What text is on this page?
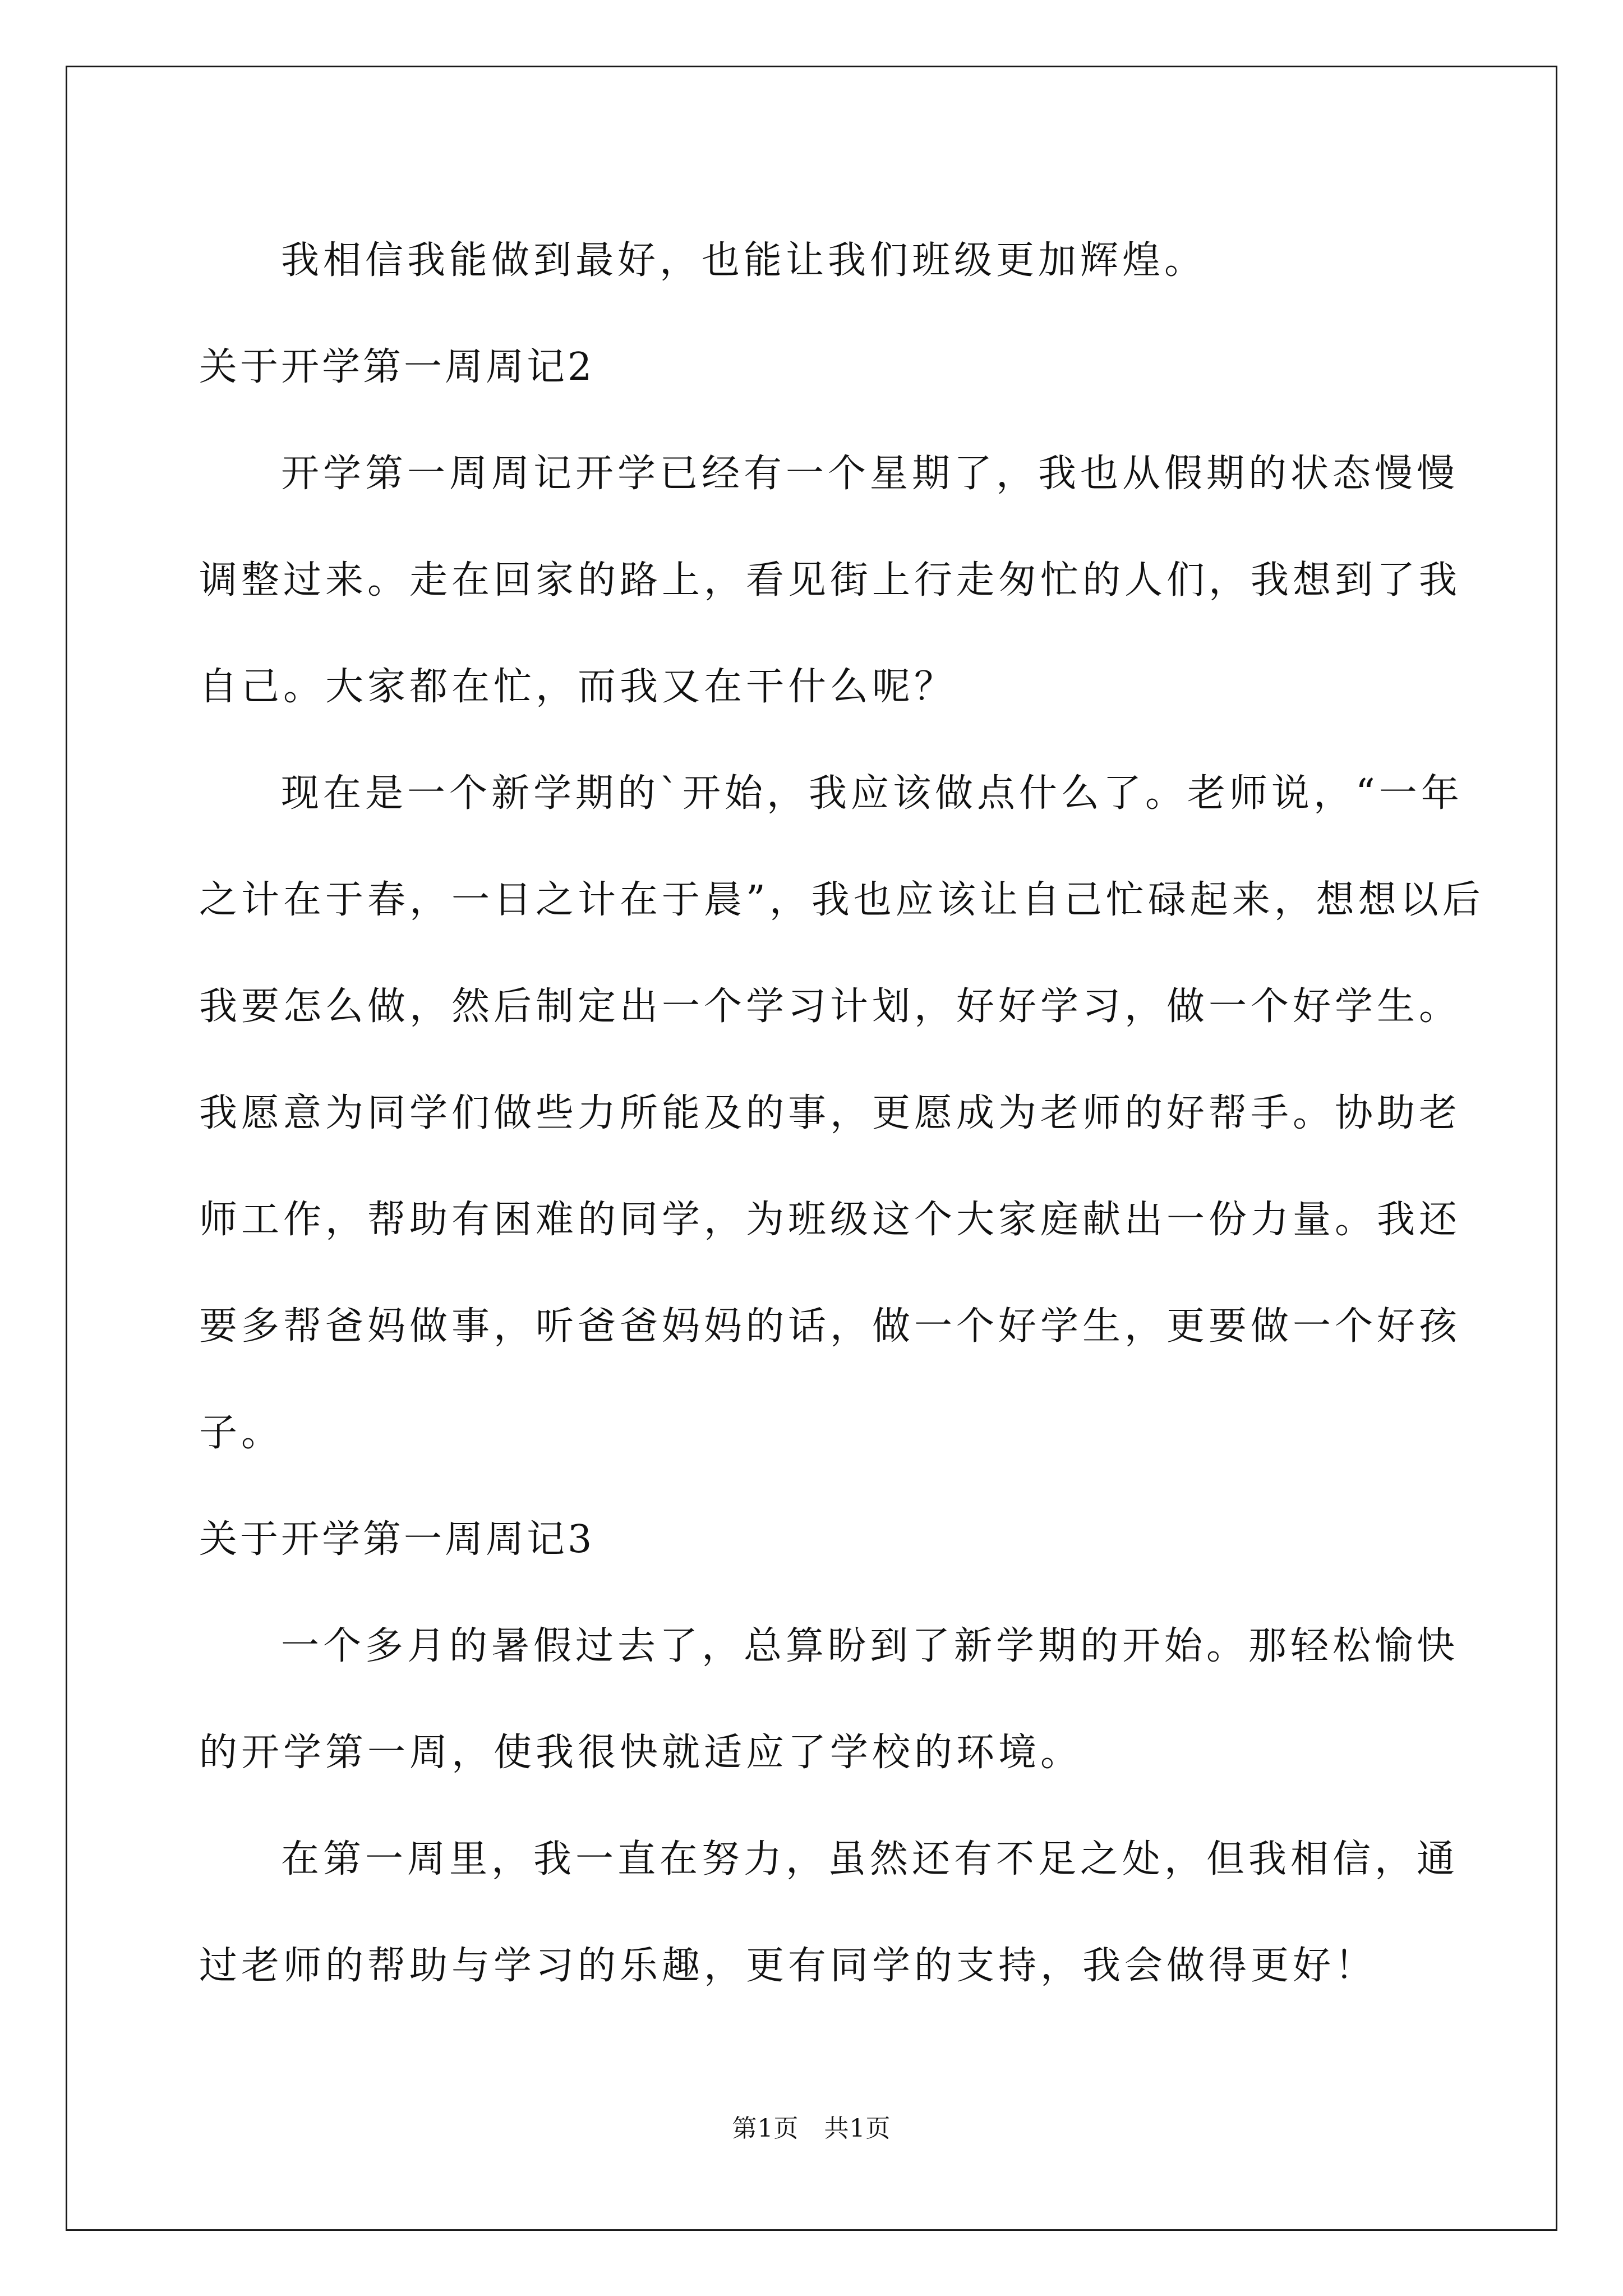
我相信我能做到最好，也能让我们班级更加辉煌。
关于开学第一周周记2
开学第一周周记开学已经有一个星期了，我也从假期的状态慢慢
调整过来。走在回家的路上，看见街上行走匆忙的人们，我想到了我
自己。大家都在忙，而我又在干什么呢？
现在是一个新学期的`开始，我应该做点什么了。老师说，“一年
之计在于春，一日之计在于晨”，我也应该让自己忙碌起来，想想以后
我要怎么做，然后制定出一个学习计划，好好学习，做一个好学生。
我愿意为同学们做些力所能及的事，更愿成为老师的好帮手。协助老
师工作，帮助有困难的同学，为班级这个大家庭献出一份力量。我还
要多帮爸妈做事，听爸爸妈妈的话，做一个好学生，更要做一个好孩
子。
关于开学第一周周记3
一个多月的暑假过去了，总算盼到了新学期的开始。那轻松愉快
的开学第一周，使我很快就适应了学校的环境。
在第一周里，我一直在努力，虽然还有不足之处，但我相信，通
过老师的帮助与学习的乐趣，更有同学的支持，我会做得更好！
第1页　共1页
